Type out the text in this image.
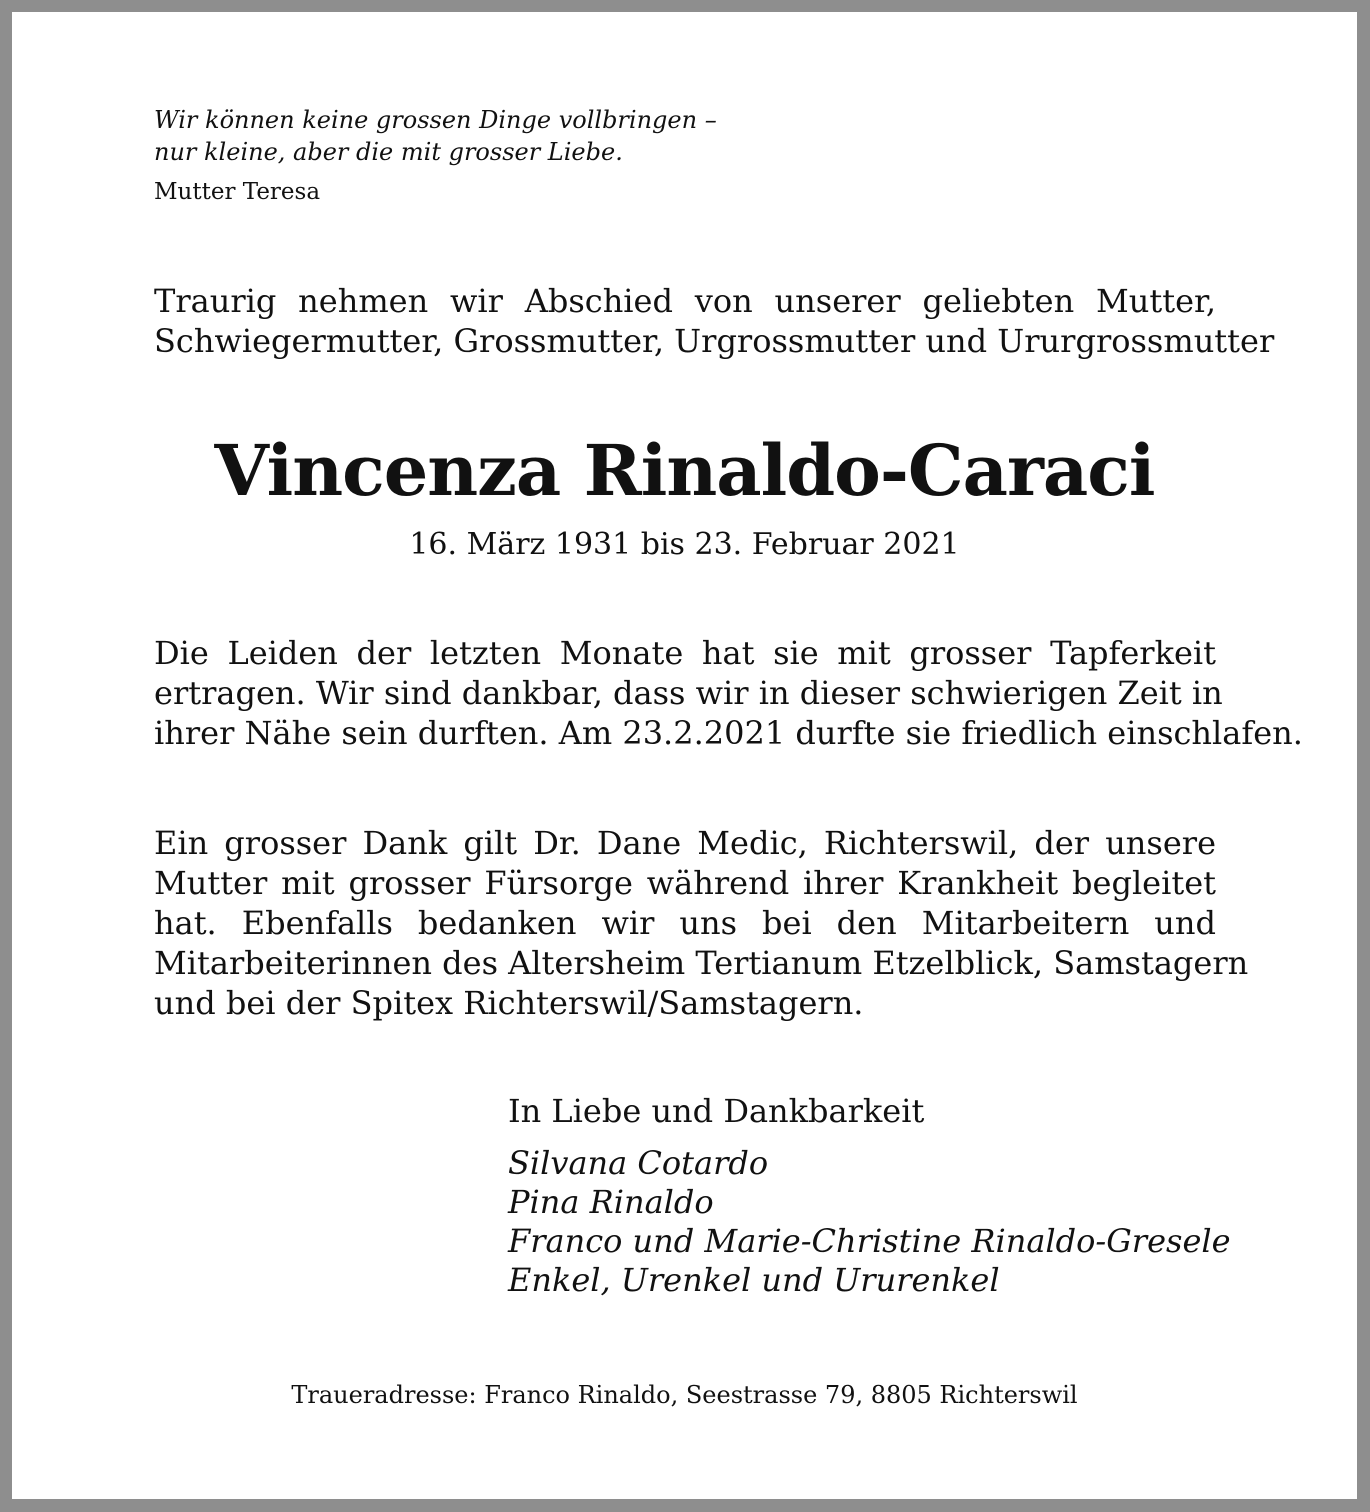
Wir können keine grossen Dinge vollbringen –
nur kleine, aber die mit grosser Liebe.
Mutter Teresa
Traurig nehmen wir Abschied von unserer geliebten Mutter,
Schwiegermutter, Grossmutter, Urgrossmutter und Ururgrossmutter
Vincenza Rinaldo-Caraci
16. März 1931 bis 23. Februar 2021
Die Leiden der letzten Monate hat sie mit grosser Tapferkeit
ertragen. Wir sind dankbar, dass wir in dieser schwierigen Zeit in
ihrer Nähe sein durften. Am 23.2.2021 durfte sie friedlich einschlafen.
Ein grosser Dank gilt Dr. Dane Medic, Richterswil, der unsere
Mutter mit grosser Fürsorge während ihrer Krankheit begleitet
hat. Ebenfalls bedanken wir uns bei den Mitarbeitern und
Mitarbeiterinnen des Altersheim Tertianum Etzelblick, Samstagern
und bei der Spitex Richterswil/Samstagern.
In Liebe und Dankbarkeit
Silvana Cotardo
Pina Rinaldo
Franco und Marie-Christine Rinaldo-Gresele
Enkel, Urenkel und Ururenkel
Traueradresse: Franco Rinaldo, Seestrasse 79, 8805 Richterswil
